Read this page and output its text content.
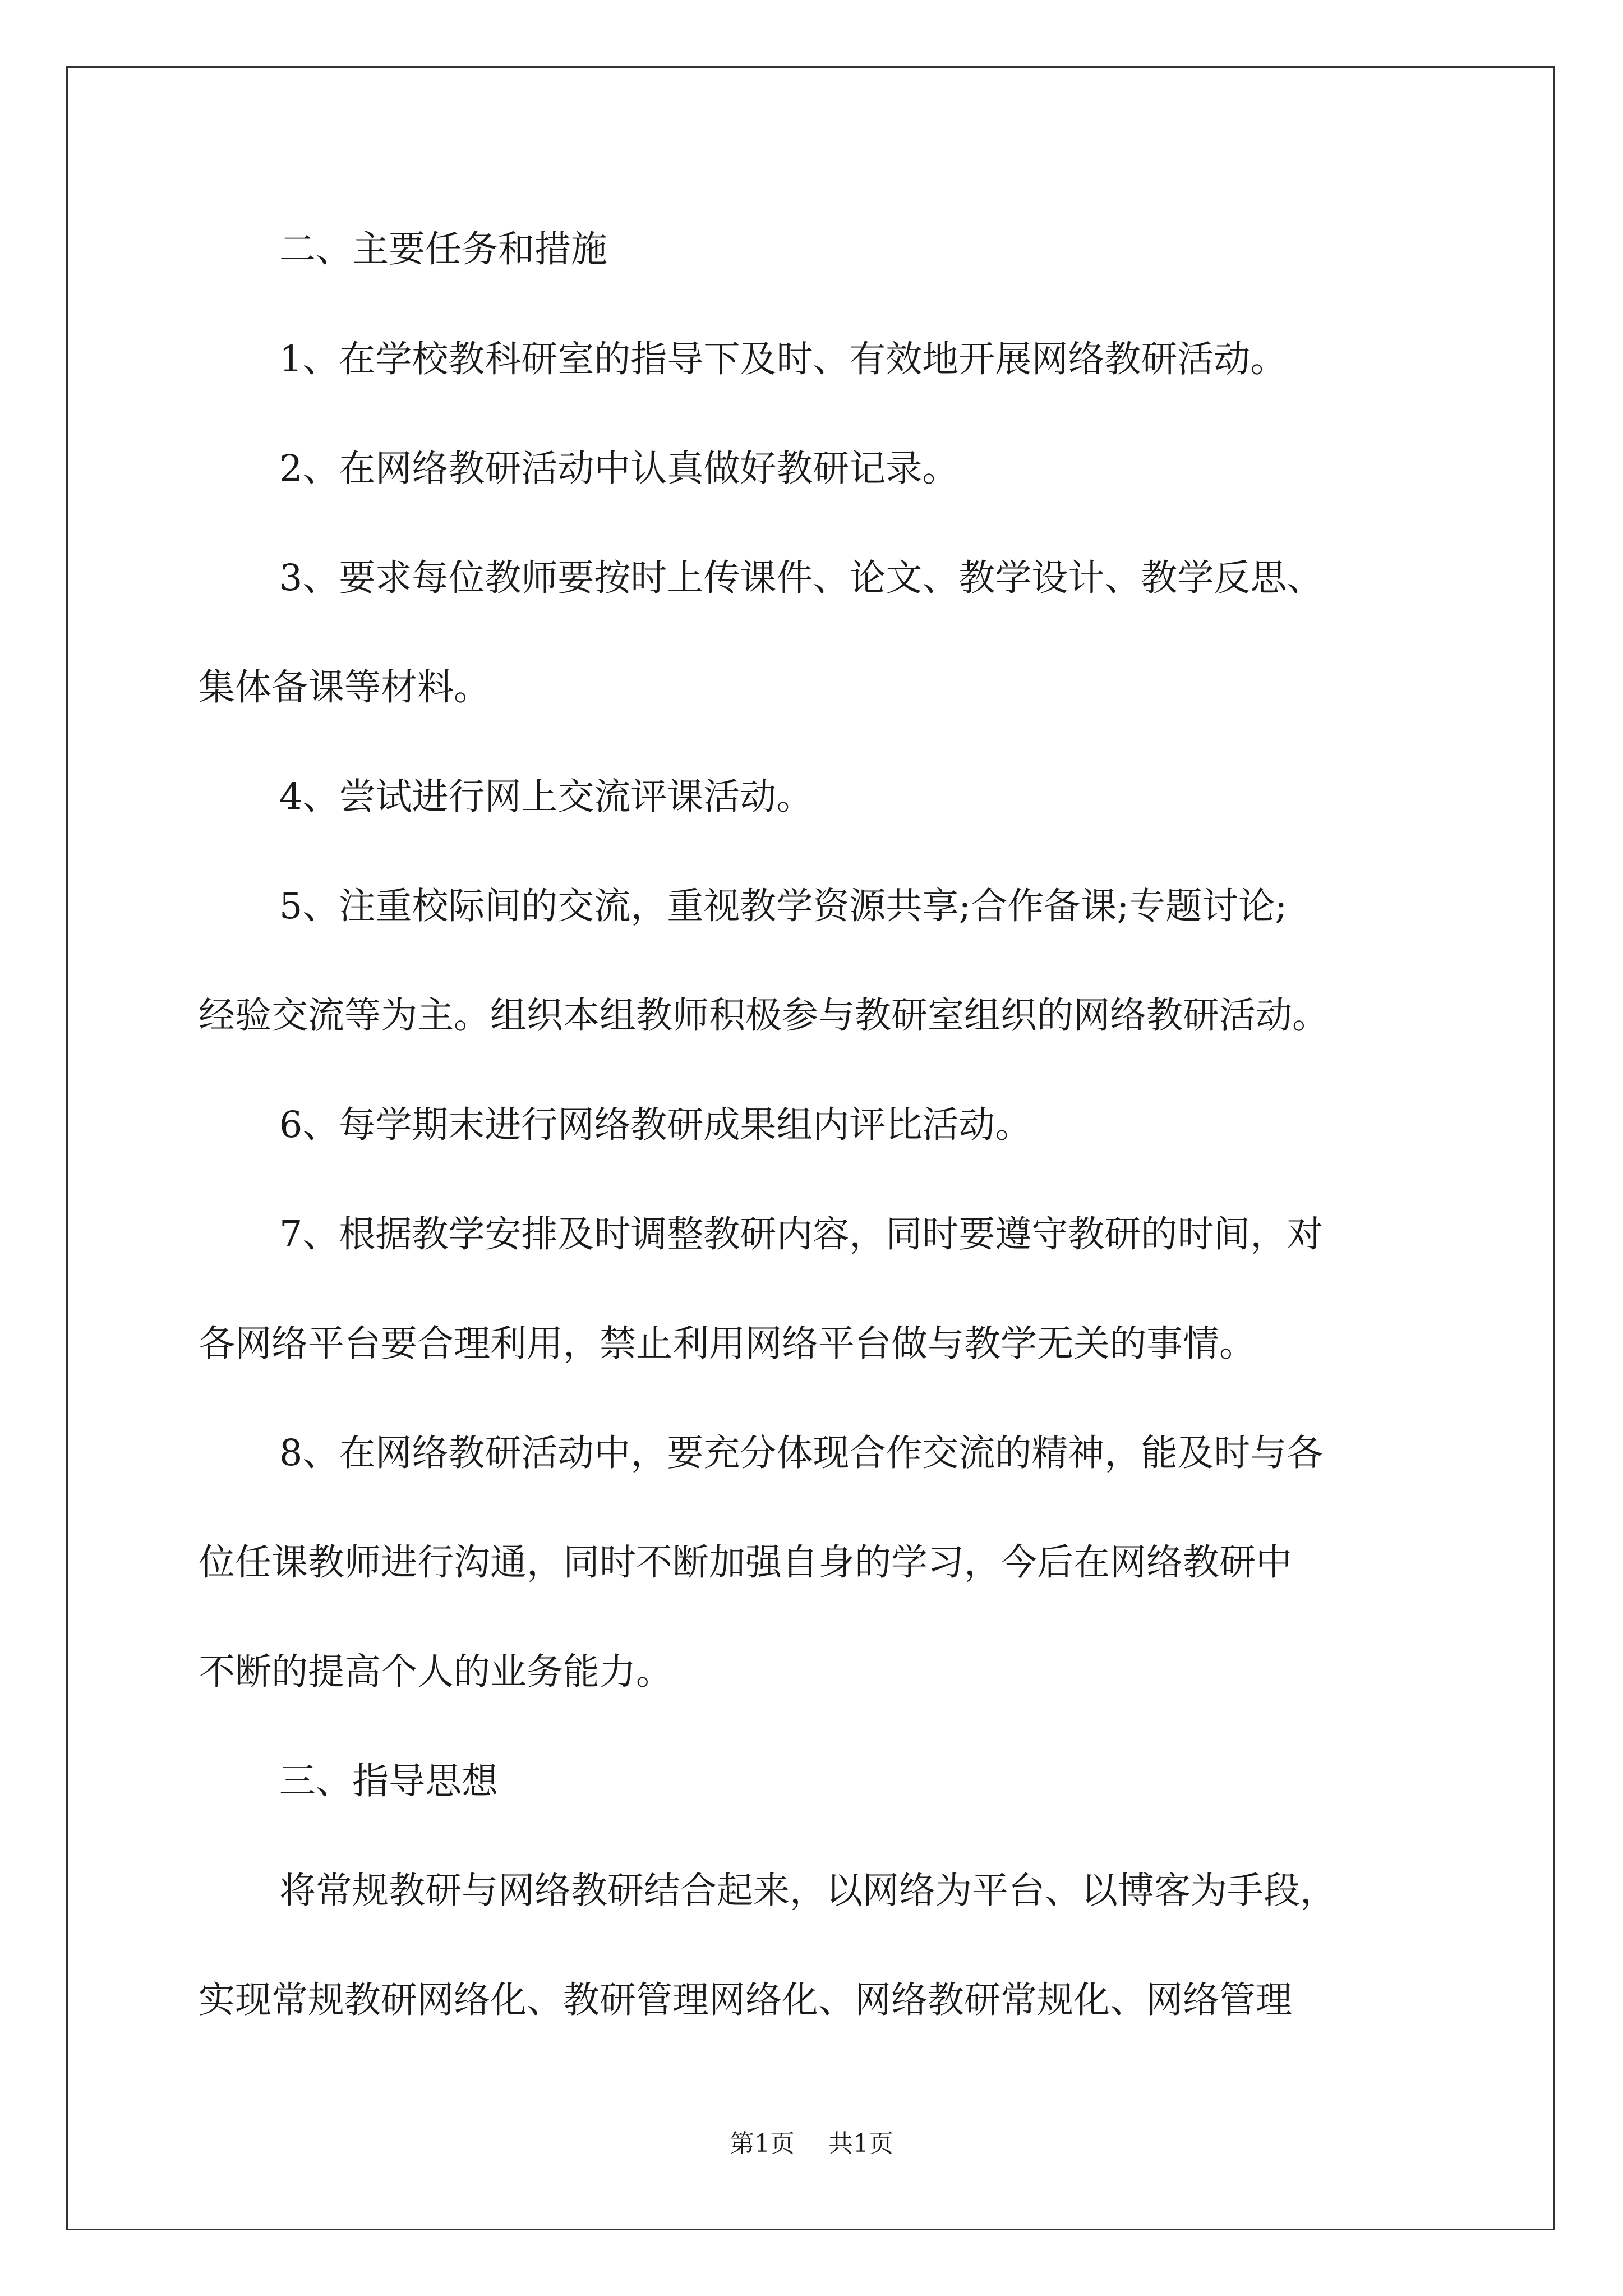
二、主要任务和措施
1、在学校教科研室的指导下及时、有效地开展网络教研活动。
2、在网络教研活动中认真做好教研记录。
3、要求每位教师要按时上传课件、论文、教学设计、教学反思、
集体备课等材料。
4、尝试进行网上交流评课活动。
5、注重校际间的交流，重视教学资源共享;合作备课;专题讨论;
经验交流等为主。组织本组教师积极参与教研室组织的网络教研活动。
6、每学期末进行网络教研成果组内评比活动。
7、根据教学安排及时调整教研内容，同时要遵守教研的时间，对
各网络平台要合理利用，禁止利用网络平台做与教学无关的事情。
8、在网络教研活动中，要充分体现合作交流的精神，能及时与各
位任课教师进行沟通，同时不断加强自身的学习，今后在网络教研中
不断的提高个人的业务能力。
三、指导思想
将常规教研与网络教研结合起来，以网络为平台、以博客为手段，
实现常规教研网络化、教研管理网络化、网络教研常规化、网络管理
第1页 共1页
